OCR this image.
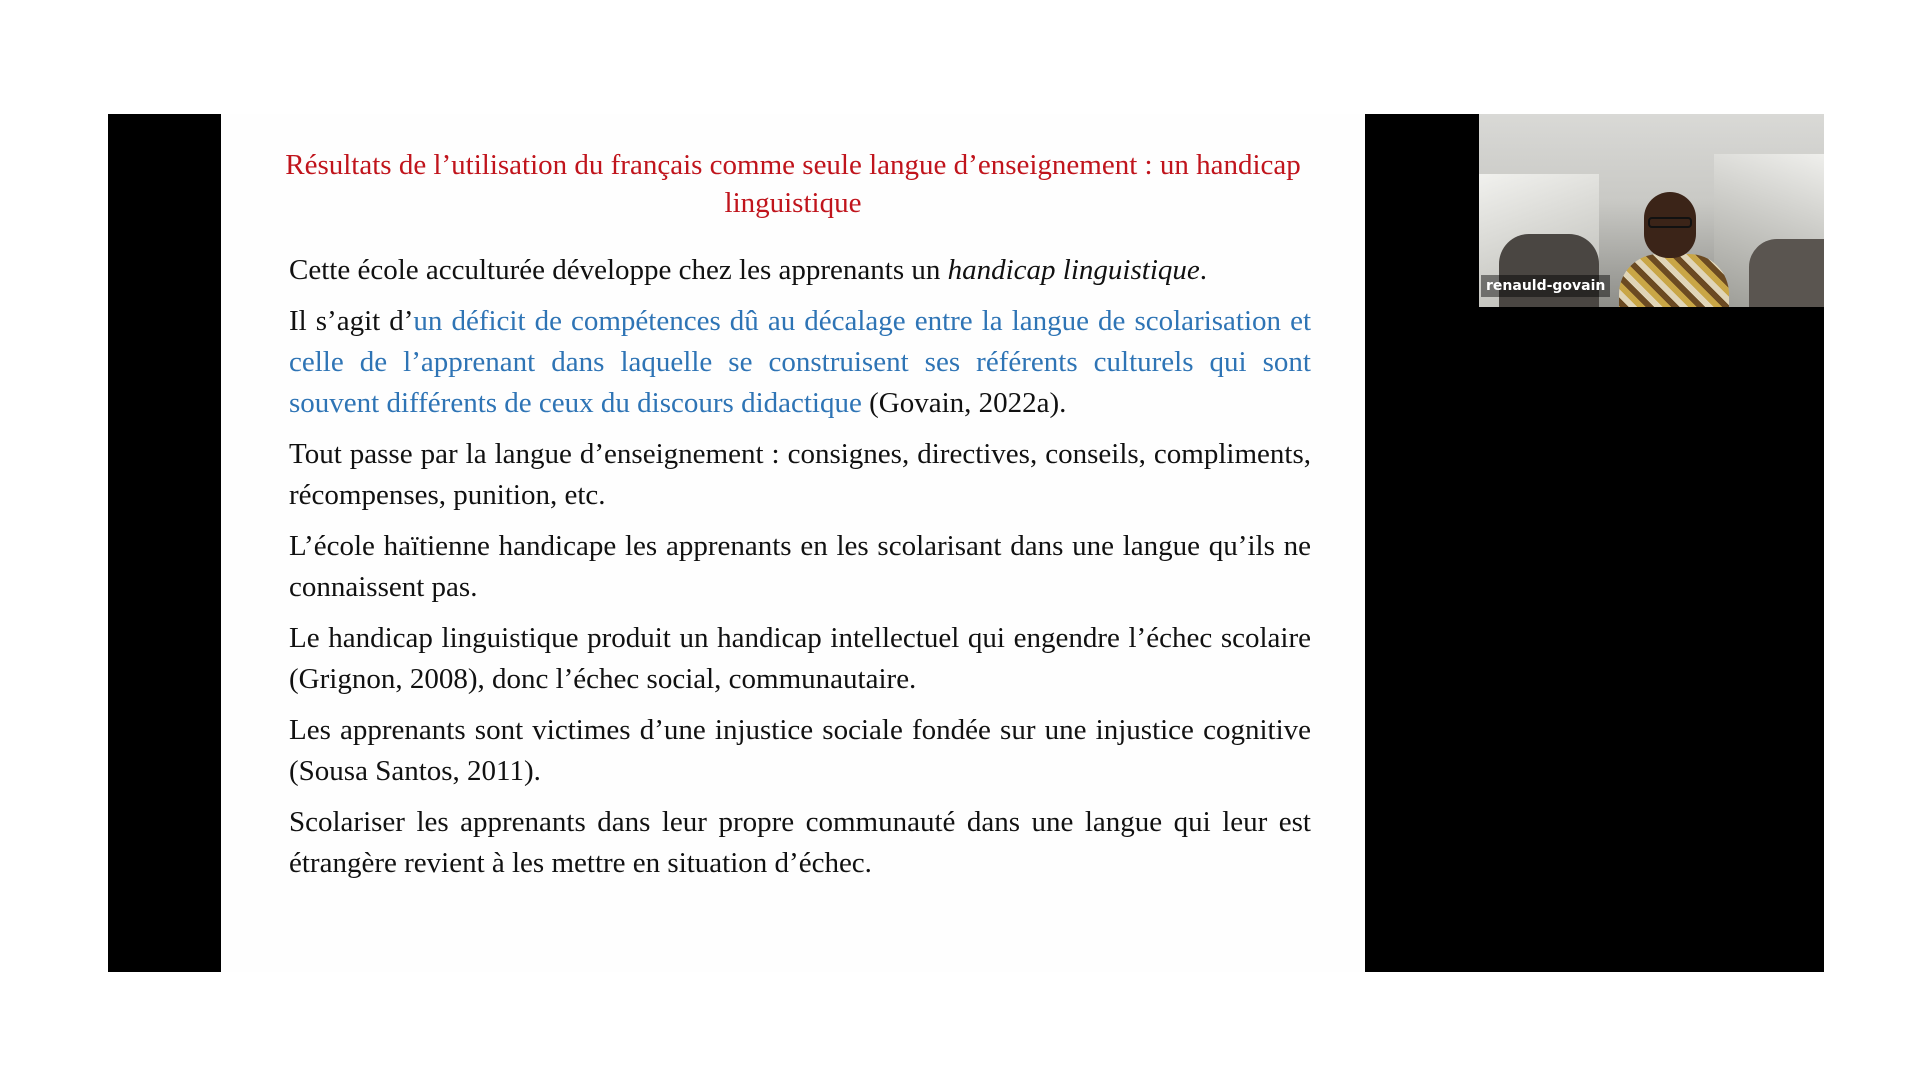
Résultats de l’utilisation du français comme seule langue d’enseignement : un handicap linguistique

Cette école acculturée développe chez les apprenants un handicap linguistique.

Il s’agit d’un déficit de compétences dû au décalage entre la langue de scolarisation et celle de l’apprenant dans laquelle se construisent ses référents culturels qui sont souvent différents de ceux du discours didactique (Govain, 2022a).

Tout passe par la langue d’enseignement : consignes, directives, conseils, compliments, récompenses, punition, etc.

L’école haïtienne handicape les apprenants en les scolarisant dans une langue qu’ils ne connaissent pas.

Le handicap linguistique produit un handicap intellectuel qui engendre l’échec scolaire (Grignon, 2008), donc l’échec social, communautaire.

Les apprenants sont victimes d’une injustice sociale fondée sur une injustice cognitive (Sousa Santos, 2011).

Scolariser les apprenants dans leur propre communauté dans une langue qui leur est étrangère revient à les mettre en situation d’échec.

renauld-govain
